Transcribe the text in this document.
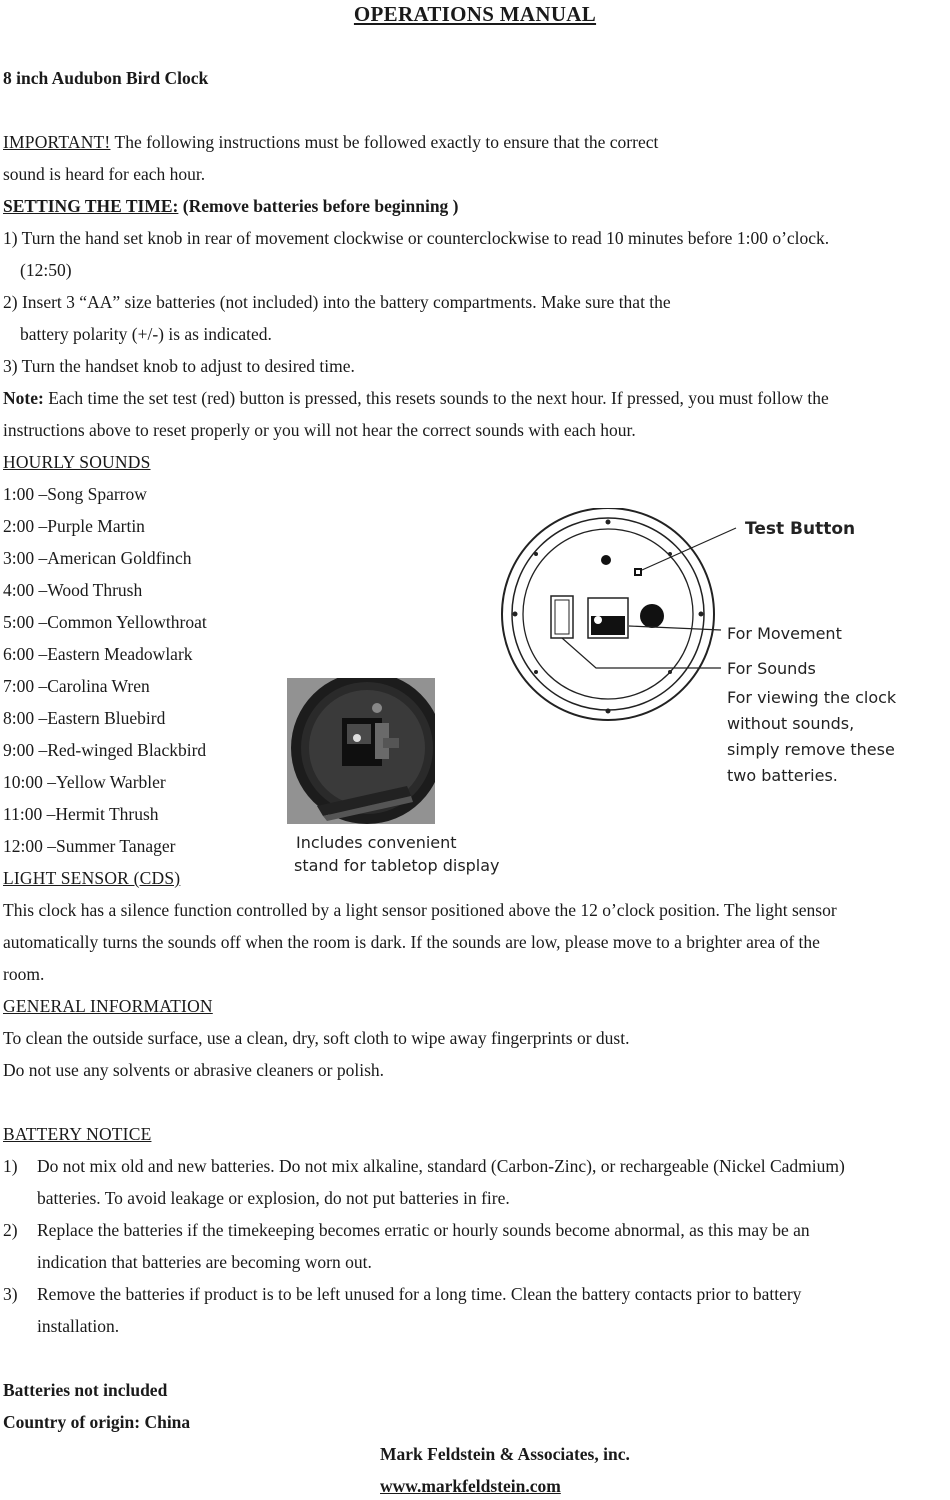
OPERATIONS MANUAL
8 inch Audubon Bird Clock
IMPORTANT! The following instructions must be followed exactly to ensure that the correct
sound is heard for each hour.
SETTING THE TIME: (Remove batteries before beginning )
1) Turn the hand set knob in rear of movement clockwise or counterclockwise to read 10 minutes before 1:00 o’clock.
(12:50)
2) Insert 3 “AA” size batteries (not included) into the battery compartments. Make sure that the
battery polarity (+/-) is as indicated.
3) Turn the handset knob to adjust to desired time.
Note: Each time the set test (red) button is pressed, this resets sounds to the next hour. If pressed, you must follow the
instructions above to reset properly or you will not hear the correct sounds with each hour.
HOURLY SOUNDS
1:00 –Song Sparrow
2:00 –Purple Martin
3:00 –American Goldfinch
4:00 –Wood Thrush
5:00 –Common Yellowthroat
6:00 –Eastern Meadowlark
7:00 –Carolina Wren
8:00 –Eastern Bluebird
9:00 –Red-winged Blackbird
10:00 –Yellow Warbler
11:00 –Hermit Thrush
12:00 –Summer Tanager	Includes convenient
stand for tabletop display
Test Button
For Movement
For Sounds
For viewing the clock
without sounds,
simply remove these
two batteries.
LIGHT SENSOR (CDS)
This clock has a silence function controlled by a light sensor positioned above the 12 o’clock position. The light sensor
automatically turns the sounds off when the room is dark. If the sounds are low, please move to a brighter area of the
room.
GENERAL INFORMATION
To clean the outside surface, use a clean, dry, soft cloth to wipe away fingerprints or dust.
Do not use any solvents or abrasive cleaners or polish.
BATTERY NOTICE
1) Do not mix old and new batteries. Do not mix alkaline, standard (Carbon-Zinc), or rechargeable (Nickel Cadmium)
batteries. To avoid leakage or explosion, do not put batteries in fire.
2) Replace the batteries if the timekeeping becomes erratic or hourly sounds become abnormal, as this may be an
indication that batteries are becoming worn out.
3) Remove the batteries if product is to be left unused for a long time. Clean the battery contacts prior to battery
installation.
Batteries not included
Country of origin: China
Mark Feldstein & Associates, inc.
www.markfeldstein.com
